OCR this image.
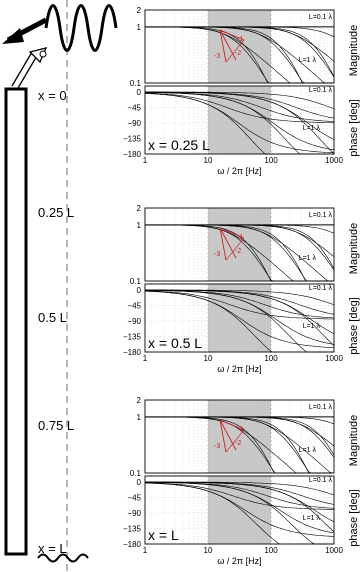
x = 0
0.25 L
0.5 L
0.75 L
x = L
-1
-2
-3
2
1
0.1
0
−45
−90
−135
−180
1	10	100	1000
ω / 2π [Hz]
L=0.1 λ
L=1 λ
L=0.1 λ
L=1 λ
x = 0.25 L
Magnitude
phase [deg]
-1
-2
-3
2
1
0.1
0
−45
−90
−135
−180
1	10	100	1000
ω / 2π [Hz]
L=0.1 λ
L=1 λ
L=0.1 λ
L=1 λ
x = 0.5 L
Magnitude
phase [deg]
-1
-2
-3
2
1
0.1
0
−45
−90
−135
−180
1	10	100	1000
ω / 2π [Hz]
L=0.1 λ
L=1 λ
L=0.1 λ
L=1 λ
x = L
Magnitude
phase [deg]
